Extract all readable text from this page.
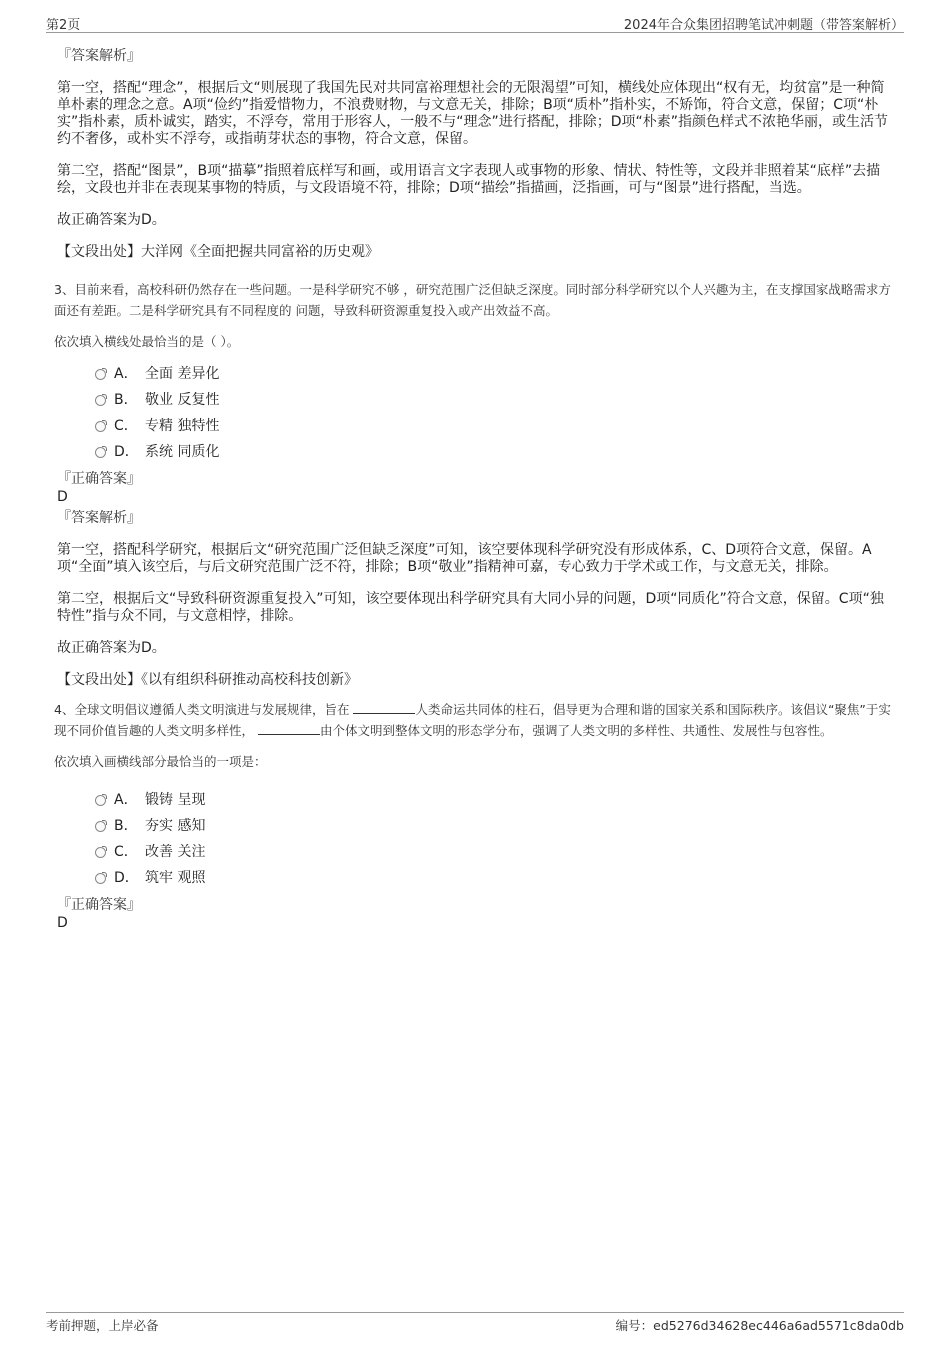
第2页	2024年合众集团招聘笔试冲刺题（带答案解析）

『答案解析』

第一空，搭配“理念”，根据后文“则展现了我国先民对共同富裕理想社会的无限渴望”可知，横线处应体现出“权有无，均贫富”是一种简单朴素的理念之意。A项“俭约”指爱惜物力，不浪费财物，与文意无关，排除；B项“质朴”指朴实，不矫饰，符合文意，保留；C项“朴实”指朴素，质朴诚实，踏实，不浮夸，常用于形容人，一般不与“理念”进行搭配，排除；D项“朴素”指颜色样式不浓艳华丽，或生活节约不奢侈，或朴实不浮夸，或指萌芽状态的事物，符合文意，保留。

第二空，搭配“图景”，B项“描摹”指照着底样写和画，或用语言文字表现人或事物的形象、情状、特性等，文段并非照着某“底样”去描绘，文段也并非在表现某事物的特质，与文段语境不符，排除；D项“描绘”指描画，泛指画，可与“图景”进行搭配，当选。

故正确答案为D。

【文段出处】大洋网《全面把握共同富裕的历史观》

3、目前来看，高校科研仍然存在一些问题。一是科学研究不够 ，研究范围广泛但缺乏深度。同时部分科学研究以个人兴趣为主，在支撑国家战略需求方面还有差距。二是科学研究具有不同程度的 问题，导致科研资源重复投入或产出效益不高。

依次填入横线处最恰当的是（ ）。

A． 全面 差异化
B． 敬业 反复性
C． 专精 独特性
D． 系统 同质化

『正确答案』

D

『答案解析』

第一空，搭配科学研究，根据后文“研究范围广泛但缺乏深度”可知，该空要体现科学研究没有形成体系，C、D项符合文意，保留。A项“全面”填入该空后，与后文研究范围广泛不符，排除；B项“敬业”指精神可嘉，专心致力于学术或工作，与文意无关，排除。

第二空，根据后文“导致科研资源重复投入”可知，该空要体现出科学研究具有大同小异的问题，D项“同质化”符合文意，保留。C项“独特性”指与众不同，与文意相悖，排除。

故正确答案为D。

【文段出处】《以有组织科研推动高校科技创新》

4、全球文明倡议遵循人类文明演进与发展规律，旨在	人类命运共同体的柱石，倡导更为合理和谐的国家关系和国际秩序。该倡议“聚焦”于实现不同价值旨趣的人类文明多样性，	由个体文明到整体文明的形态学分布，强调了人类文明的多样性、共通性、发展性与包容性。

依次填入画横线部分最恰当的一项是：

A． 锻铸 呈现
B． 夯实 感知
C． 改善 关注
D． 筑牢 观照

『正确答案』

D

考前押题，上岸必备	编号：ed5276d34628ec446a6ad5571c8da0db
